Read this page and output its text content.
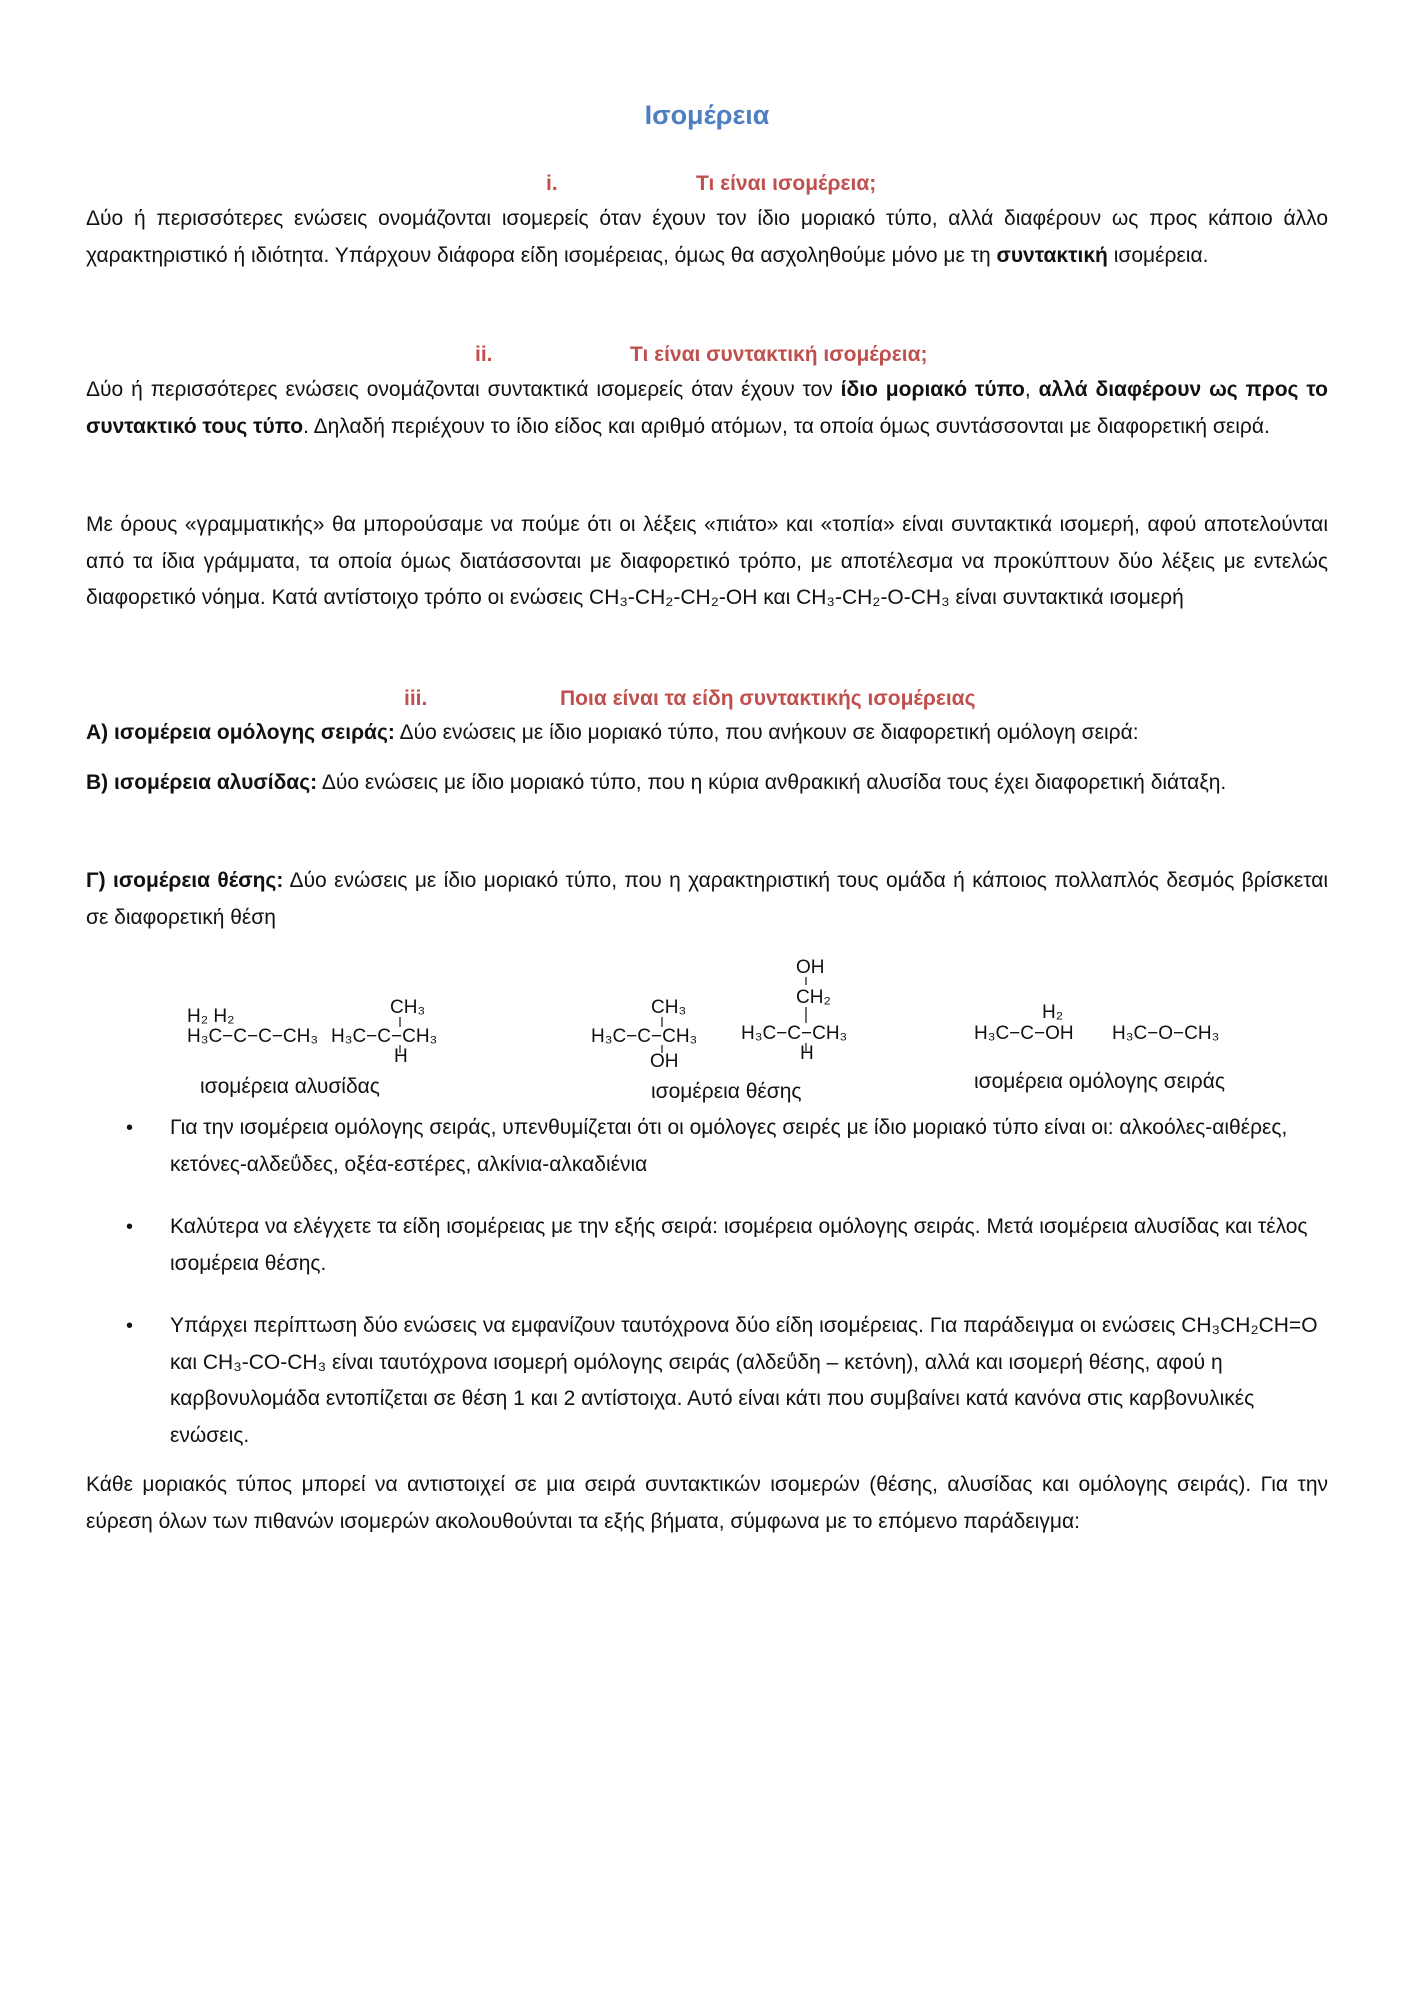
Ισομέρεια
i.	Τι είναι ισομέρεια;

Δύο ή περισσότερες ενώσεις ονομάζονται ισομερείς όταν έχουν τον ίδιο μοριακό τύπο, αλλά διαφέρουν ως προς κάποιο άλλο χαρακτηριστικό ή ιδιότητα. Υπάρχουν διάφορα είδη ισομέρειας, όμως θα ασχοληθούμε μόνο με τη συντακτική ισομέρεια.

ii.	Τι είναι συντακτική ισομέρεια;

Δύο ή περισσότερες ενώσεις ονομάζονται συντακτικά ισομερείς όταν έχουν τον ίδιο μοριακό τύπο, αλλά διαφέρουν ως προς το συντακτικό τους τύπο. Δηλαδή περιέχουν το ίδιο είδος και αριθμό ατόμων, τα οποία όμως συντάσσονται με διαφορετική σειρά.

Με όρους «γραμματικής» θα μπορούσαμε να πούμε ότι οι λέξεις «πιάτο» και «τοπία» είναι συντακτικά ισομερή, αφού αποτελούνται από τα ίδια γράμματα, τα οποία όμως διατάσσονται με διαφορετικό τρόπο, με αποτέλεσμα να προκύπτουν δύο λέξεις με εντελώς διαφορετικό νόημα. Κατά αντίστοιχο τρόπο οι ενώσεις CH₃-CH₂-CH₂-OH και CH₃-CH₂-O-CH₃ είναι συντακτικά ισομερή

iii.	Ποια είναι τα είδη συντακτικής ισομέρειας

Α) ισομέρεια ομόλογης σειράς: Δύο ενώσεις με ίδιο μοριακό τύπο, που ανήκουν σε διαφορετική ομόλογη σειρά:

Β) ισομέρεια αλυσίδας: Δύο ενώσεις με ίδιο μοριακό τύπο, που η κύρια ανθρακική αλυσίδα τους έχει διαφορετική διάταξη.

Γ) ισομέρεια θέσης: Δύο ενώσεις με ίδιο μοριακό τύπο, που η χαρακτηριστική τους ομάδα ή κάποιος πολλαπλός δεσμός βρίσκεται σε διαφορετική θέση

H₃C−C−C−CH₃
H₂ H₂
H₃C−C−CH₃
CH₃
H
ισομέρεια αλυσίδας
H₃C−C−CH₃
CH₃
OH
H₃C−C−CH₃
OH
CH₂
H
ισομέρεια θέσης
H₃C−C−OH
H₂
H₃C−O−CH₃
ισομέρεια ομόλογης σειράς
• Για την ισομέρεια ομόλογης σειράς, υπενθυμίζεται ότι οι ομόλογες σειρές με ίδιο μοριακό τύπο είναι οι: αλκοόλες-αιθέρες, κετόνες-αλδεΰδες, οξέα-εστέρες, αλκίνια-αλκαδιένια
• Καλύτερα να ελέγχετε τα είδη ισομέρειας με την εξής σειρά: ισομέρεια ομόλογης σειράς. Μετά ισομέρεια αλυσίδας και τέλος ισομέρεια θέσης.
• Υπάρχει περίπτωση δύο ενώσεις να εμφανίζουν ταυτόχρονα δύο είδη ισομέρειας. Για παράδειγμα οι ενώσεις CH₃CH₂CH=O και CH₃-CO-CH₃ είναι ταυτόχρονα ισομερή ομόλογης σειράς (αλδεΰδη – κετόνη), αλλά και ισομερή θέσης, αφού η καρβονυλομάδα εντοπίζεται σε θέση 1 και 2 αντίστοιχα. Αυτό είναι κάτι που συμβαίνει κατά κανόνα στις καρβονυλικές ενώσεις.

Κάθε μοριακός τύπος μπορεί να αντιστοιχεί σε μια σειρά συντακτικών ισομερών (θέσης, αλυσίδας και ομόλογης σειράς). Για την εύρεση όλων των πιθανών ισομερών ακολουθούνται τα εξής βήματα, σύμφωνα με το επόμενο παράδειγμα:
